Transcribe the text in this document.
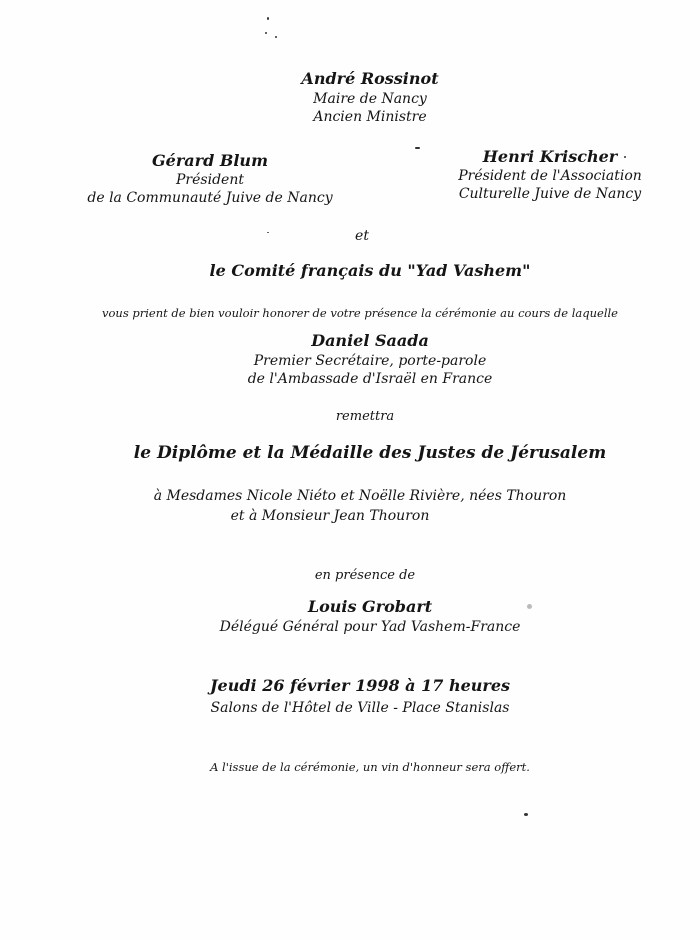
André Rossinot
Maire de Nancy
Ancien Ministre
Gérard Blum
Président
de la Communauté Juive de Nancy
Henri Krischer
Président de l'Association
Culturelle Juive de Nancy
et
le Comité français du "Yad Vashem"
vous prient de bien vouloir honorer de votre présence la cérémonie au cours de laquelle
Daniel Saada
Premier Secrétaire, porte-parole
de l'Ambassade d'Israël en France
remettra
le Diplôme et la Médaille des Justes de Jérusalem
à Mesdames Nicole Niéto et Noëlle Rivière, nées Thouron
et à Monsieur Jean Thouron
en présence de
Louis Grobart
Délégué Général pour Yad Vashem-France
Jeudi 26 février 1998 à 17 heures
Salons de l'Hôtel de Ville - Place Stanislas
A l'issue de la cérémonie, un vin d'honneur sera offert.
